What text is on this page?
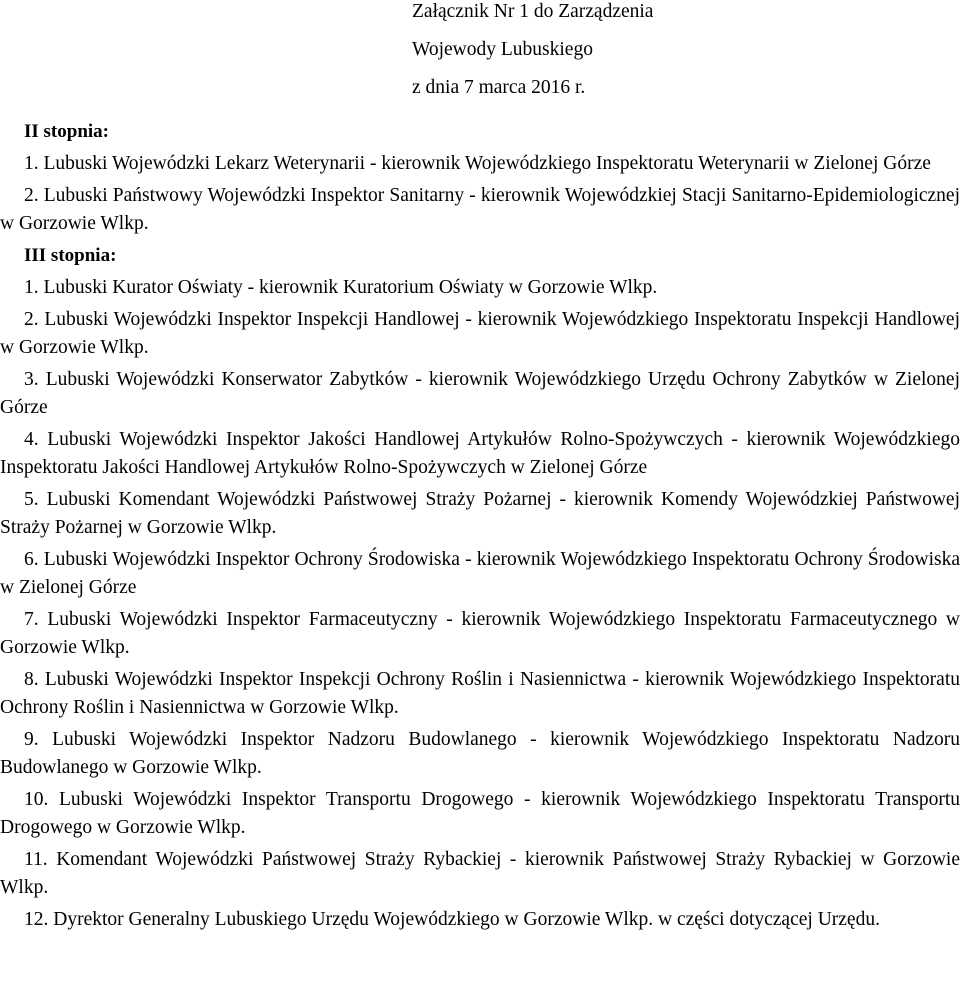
Załącznik Nr 1 do Zarządzenia
Wojewody Lubuskiego
z dnia 7 marca 2016 r.
II stopnia:
1. Lubuski Wojewódzki Lekarz Weterynarii - kierownik Wojewódzkiego Inspektoratu Weterynarii w Zielonej Górze
2. Lubuski Państwowy Wojewódzki Inspektor Sanitarny - kierownik Wojewódzkiej Stacji Sanitarno-Epidemiologicznej w Gorzowie Wlkp.
III stopnia:
1. Lubuski Kurator Oświaty - kierownik Kuratorium Oświaty w Gorzowie Wlkp.
2. Lubuski Wojewódzki Inspektor Inspekcji Handlowej - kierownik Wojewódzkiego Inspektoratu Inspekcji Handlowej w Gorzowie Wlkp.
3. Lubuski Wojewódzki Konserwator Zabytków - kierownik Wojewódzkiego Urzędu Ochrony Zabytków w Zielonej Górze
4. Lubuski Wojewódzki Inspektor Jakości Handlowej Artykułów Rolno-Spożywczych - kierownik Wojewódzkiego Inspektoratu Jakości Handlowej Artykułów Rolno-Spożywczych w Zielonej Górze
5. Lubuski Komendant Wojewódzki Państwowej Straży Pożarnej - kierownik Komendy Wojewódzkiej Państwowej Straży Pożarnej w Gorzowie Wlkp.
6. Lubuski Wojewódzki Inspektor Ochrony Środowiska - kierownik Wojewódzkiego Inspektoratu Ochrony Środowiska w Zielonej Górze
7. Lubuski Wojewódzki Inspektor Farmaceutyczny - kierownik Wojewódzkiego Inspektoratu Farmaceutycznego w Gorzowie Wlkp.
8. Lubuski Wojewódzki Inspektor Inspekcji Ochrony Roślin i Nasiennictwa - kierownik Wojewódzkiego Inspektoratu Ochrony Roślin i Nasiennictwa w Gorzowie Wlkp.
9. Lubuski Wojewódzki Inspektor Nadzoru Budowlanego - kierownik Wojewódzkiego Inspektoratu Nadzoru Budowlanego w Gorzowie Wlkp.
10. Lubuski Wojewódzki Inspektor Transportu Drogowego - kierownik Wojewódzkiego Inspektoratu Transportu Drogowego w Gorzowie Wlkp.
11. Komendant Wojewódzki Państwowej Straży Rybackiej - kierownik Państwowej Straży Rybackiej w Gorzowie Wlkp.
12. Dyrektor Generalny Lubuskiego Urzędu Wojewódzkiego w Gorzowie Wlkp. w części dotyczącej Urzędu.
